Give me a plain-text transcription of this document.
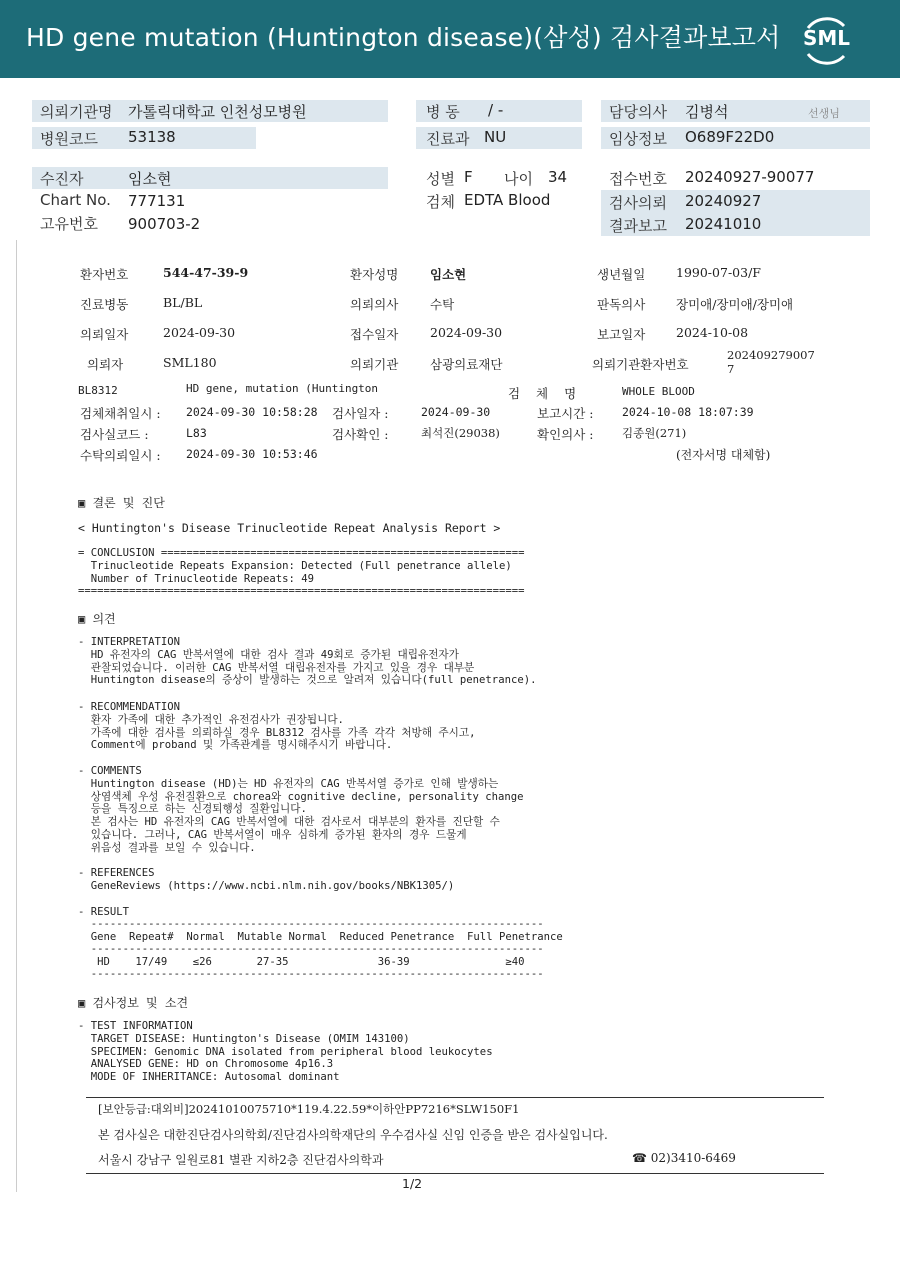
HD gene mutation (Huntington disease)(삼성) 검사결과보고서 SML
의뢰기관명 가톨릭대학교 인천성모병원
병원코드 53138
병 동 / -
진료과 NU
담당의사 김병석	선생님
임상정보 O689F22D0
수진자	임소현
Chart No. 777131
고유번호 900703-2
성별 F 나이 34
검체 EDTA Blood
접수번호 20240927-90077
검사의뢰 20240927
결과보고 20241010
환자번호	544-47-39-9	환자성명	임소현	생년월일 1990-07-03/F
진료병동	BL/BL	의뢰의사	수탁	판독의사 장미애/장미애/장미애
의뢰일자	2024-09-30	접수일자	2024-09-30	보고일자 2024-10-08
의뢰자	SML180	의뢰기관	삼광의료재단	의뢰기관환자번호
202409279007
7
BL8312	HD gene, mutation (Huntington	검 체 명	WHOLE BLOOD
검체채취일시 : 2024-09-30 10:58:28 검사일자 :	2024-09-30	보고시간 : 2024-10-08 18:07:39
검사실코드 :	L83	검사확인 :	최석진(29038)	확인의사 : 김종원(271)
수탁의뢰일시 : 2024-09-30 10:53:46	(전자서명 대체함)
▣ 결론 및 진단
< Huntington's Disease Trinucleotide Repeat Analysis Report >
= CONCLUSION =========================================================
Trinucleotide Repeats Expansion: Detected (Full penetrance allele)
Number of Trinucleotide Repeats: 49
======================================================================
▣ 의견
- INTERPRETATION
HD 유전자의 CAG 반복서열에 대한 검사 결과 49회로 증가된 대립유전자가
관찰되었습니다. 이러한 CAG 반복서열 대립유전자를 가지고 있을 경우 대부분
Huntington disease의 증상이 발생하는 것으로 알려져 있습니다(full penetrance).
- RECOMMENDATION
환자 가족에 대한 추가적인 유전검사가 권장됩니다.
가족에 대한 검사를 의뢰하실 경우 BL8312 검사를 가족 각각 처방해 주시고,
Comment에 proband 및 가족관계를 명시해주시기 바랍니다.
- COMMENTS
Huntington disease (HD)는 HD 유전자의 CAG 반복서열 증가로 인해 발생하는
상염색체 우성 유전질환으로 chorea와 cognitive decline, personality change
등을 특징으로 하는 신경퇴행성 질환입니다.
본 검사는 HD 유전자의 CAG 반복서열에 대한 검사로서 대부분의 환자를 진단할 수
있습니다. 그러나, CAG 반복서열이 매우 심하게 증가된 환자의 경우 드물게
위음성 결과를 보일 수 있습니다.
- REFERENCES
GeneReviews (https://www.ncbi.nlm.nih.gov/books/NBK1305/)
- RESULT
-----------------------------------------------------------------------
Gene  Repeat#  Normal  Mutable Normal  Reduced Penetrance  Full Penetrance
-----------------------------------------------------------------------
HD    17/49    ≤26       27-35              36-39               ≥40
-----------------------------------------------------------------------
▣ 검사정보 및 소견
- TEST INFORMATION
TARGET DISEASE: Huntington's Disease (OMIM 143100)
SPECIMEN: Genomic DNA isolated from peripheral blood leukocytes
ANALYSED GENE: HD on Chromosome 4p16.3
MODE OF INHERITANCE: Autosomal dominant
[보안등급:대외비]20241010075710*119.4.22.59*이하안PP7216*SLW150F1
본 검사실은 대한진단검사의학회/진단검사의학재단의 우수검사실 신임 인증을 받은 검사실입니다.
서울시 강남구 일원로81 별관 지하2층 진단검사의학과	☎ 02)3410-6469
1/2
